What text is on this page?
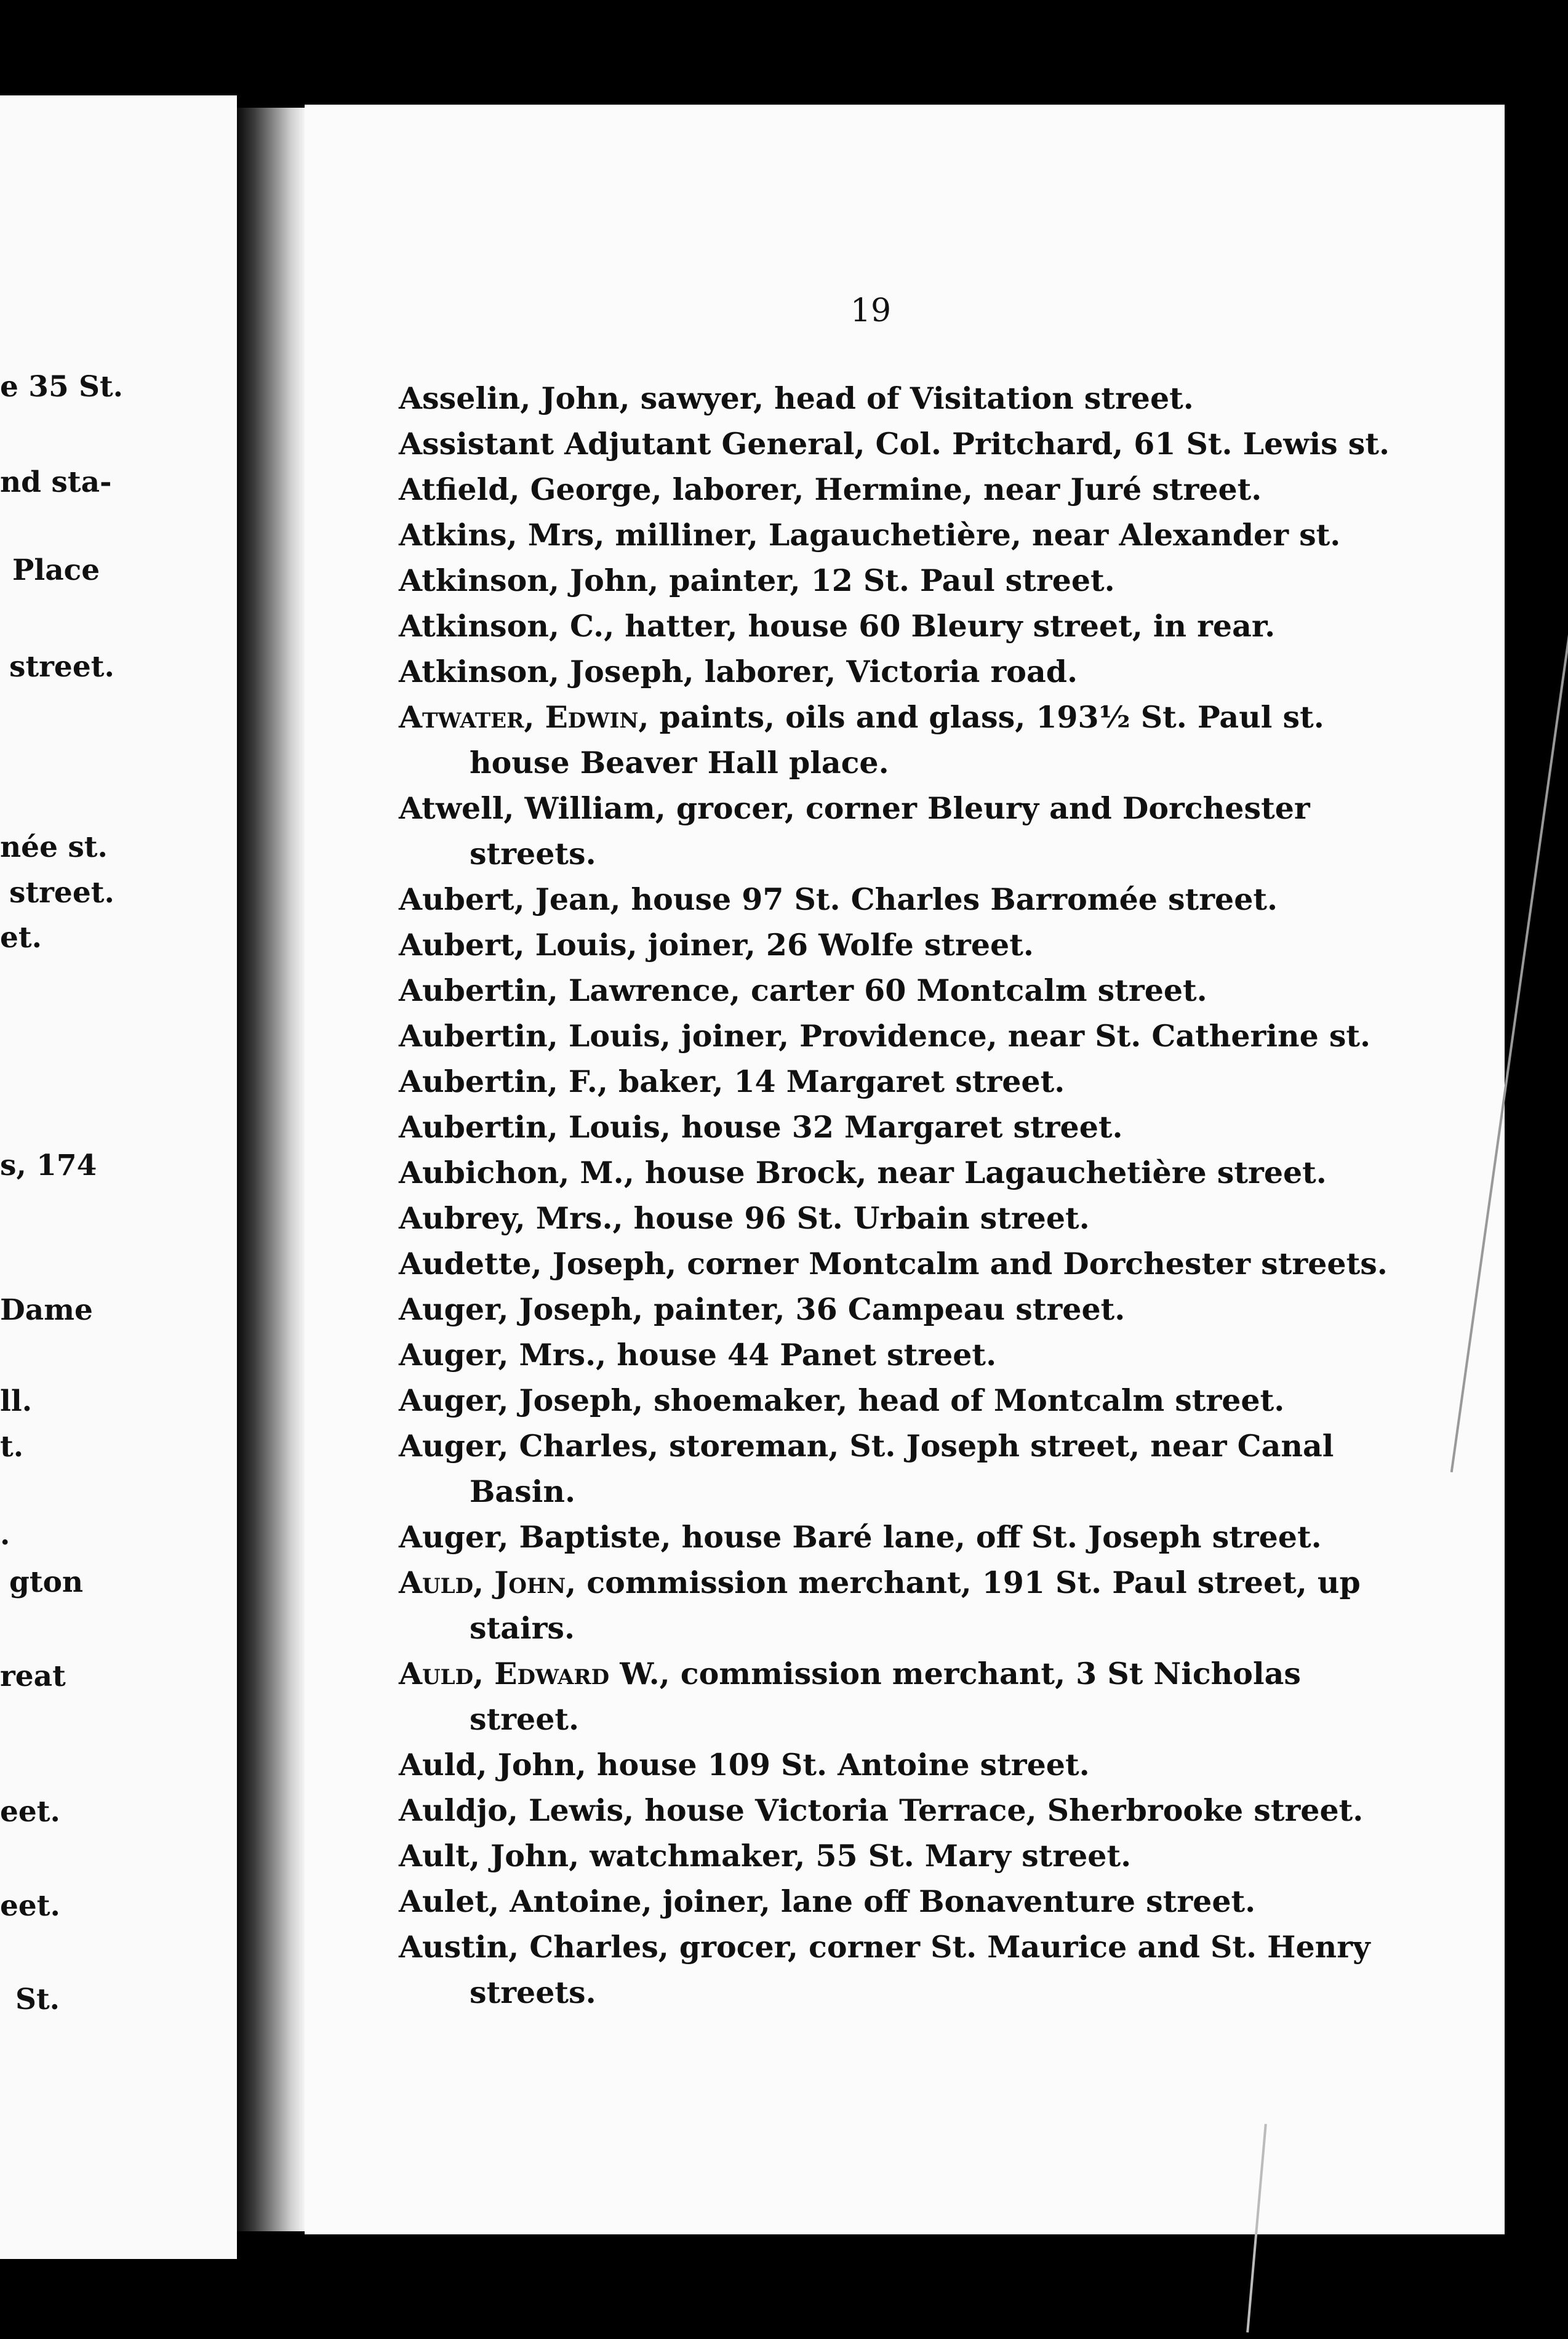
e 35 St.
nd sta-
Place
street.
née st.
street.
et.
s, 174
Dame
ll.
t.
.
gton
reat
eet.
eet.
St.
19
Asselin, John, sawyer, head of Visitation street.
Assistant Adjutant General, Col. Pritchard, 61 St. Lewis st.
Atfield, George, laborer, Hermine, near Juré street.
Atkins, Mrs, milliner, Lagauchetière, near Alexander st.
Atkinson, John, painter, 12 St. Paul street.
Atkinson, C., hatter, house 60 Bleury street, in rear.
Atkinson, Joseph, laborer, Victoria road.
Atwater, Edwin, paints, oils and glass, 193½ St. Paul st.
house Beaver Hall place.
Atwell, William, grocer, corner Bleury and Dorchester
streets.
Aubert, Jean, house 97 St. Charles Barromée street.
Aubert, Louis, joiner, 26 Wolfe street.
Aubertin, Lawrence, carter 60 Montcalm street.
Aubertin, Louis, joiner, Providence, near St. Catherine st.
Aubertin, F., baker, 14 Margaret street.
Aubertin, Louis, house 32 Margaret street.
Aubichon, M., house Brock, near Lagauchetière street.
Aubrey, Mrs., house 96 St. Urbain street.
Audette, Joseph, corner Montcalm and Dorchester streets.
Auger, Joseph, painter, 36 Campeau street.
Auger, Mrs., house 44 Panet street.
Auger, Joseph, shoemaker, head of Montcalm street.
Auger, Charles, storeman, St. Joseph street, near Canal
Basin.
Auger, Baptiste, house Baré lane, off St. Joseph street.
Auld, John, commission merchant, 191 St. Paul street, up
stairs.
Auld, Edward W., commission merchant, 3 St Nicholas
street.
Auld, John, house 109 St. Antoine street.
Auldjo, Lewis, house Victoria Terrace, Sherbrooke street.
Ault, John, watchmaker, 55 St. Mary street.
Aulet, Antoine, joiner, lane off Bonaventure street.
Austin, Charles, grocer, corner St. Maurice and St. Henry
streets.
